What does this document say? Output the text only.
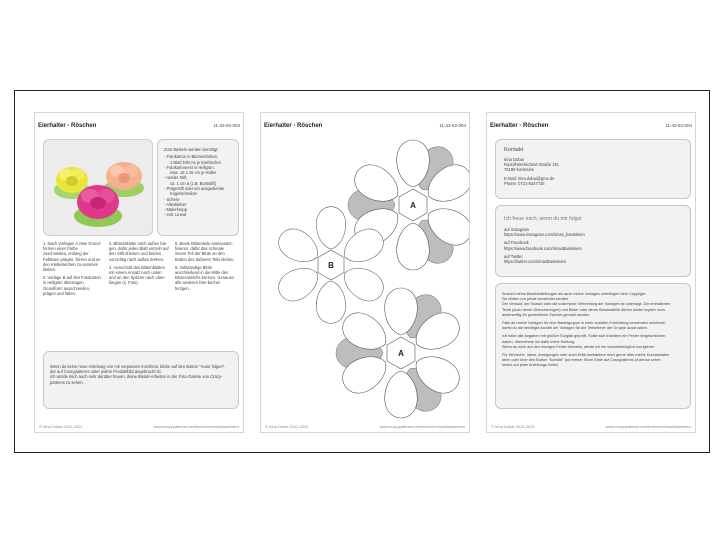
Eierhalter - Röschen	11-43-62-004
Zum Basteln werden benötigt:
- Fotokarton in Blumenfarben,
1 Blatt DIN A4 je Eierbecher
- Fotokartonrest in Hellgrün,
max. 15 x 15 cm je Halter
- runder Stift,
ca. 1 cm ø (z.B. Buntstift)
- Prägestift oder ein ausgedienter
Kugelschreiber
- Schere
- Alleskleber
- Malerkrepp
- evtl. Lineal

1. Nach Vorlagen A zwei Grund-formen einer Farbe zuschneiden, entlang der Faltlinien prägen, fal-ten und an den Klebelaschen zu-sammen kleben.

2. Vorlage B auf den Fotokarton in Hellgrün übertragen, Grundform ausschneiden, prägen und falten.

3. Blütenblätter nach außen bie-gen, dafür jedes Blatt einzeln auf den Stift drücken und beides vorsichtig nach außen drehen.

4. Ausschnitt des Blütenblattes mit einem Ansatz nach unten und an den Spitzen nach oben biegen (s. Foto).

5. Beide Blütenteile aneinander-fixieren, dafür das schmale innere Teil der Blüte an den Boden des äußeren Teils kleben.

6. Vollständige Blüte anschließend in die Mitte des Blumenkelchs kle-ben. Genauso alle weiteren Eier-becher fertigen.

Wenn du keine neue Anleitung von mir verpassen möchtest, klicke auf den Button "Autor folgen",
der auf Crazypatterns unter jedem Produktbild angebracht ist.
Ich würde mich auch sehr darüber freuen, deine Bastel-Arbeiten in der Foto-Galerie von Crazy-
patterns zu sehen.
© Irina Dobai 2012-2021	www.crazypatterns.net/de/store/IrinasBasteleien
Eierhalter - Röschen	11-43-62-004
A
B
A
© Irina Dobai 2012-2021	www.crazypatterns.net/de/store/IrinasBasteleien
Eierhalter - Röschen	11-43-62-004
Kontakt
Irina Dobai
Rudolf-Breitscheid-Straße 19c
76189 Karlsruhe
E-Mail: irina.dobai@gmx.de
Phone: 0721-9247735
Ich freue mich, wenn du mir folgst
auf Instagram
https://www.instagram.com/irinas_basteleien
auf Facebook
https://www.facebook.com/IrinasBasteleien
auf Twitter
https://twitter.com/IrinasBasteleien
Sowohl meine Bastelanleitungen als auch meine Vorlagen unterliegen dem Copyright.
Sie dürfen nur privat verwendet werden.
Der Verkauf, der Tausch oder die kostenlose Verbreitung der Vorlagen ist untersagt. Die enthaltenen
Texte (auch deren Übersetzungen) und Bilder oder deren Bestandteile dürfen weder kopiert noch
anderweitig für gewerbliche Zwecke genutzt werden.
Falls du meine Vorlagen für eine Bastelgruppe in einer sozialen Einrichtung verwenden möchtest,
darfst du die benötigte Anzahl der Vorlagen für die Teilnehmer der Gruppe ausdrucken.
Ich habe alle Angaben mit größter Sorgfalt geprüft. Sollte sich trotzdem ein Fehler eingeschlichen
haben, übernehme ich dafür keine Haftung.
Wenn du mich auf den einzigen Fehler hinweist, werde ich ihn schnellstmöglich korrigieren.
Für Wünsche, Ideen, Anregungen oder auch Kritik kontaktiere mich gerne über meine Kontaktdaten
oben oder über den Button "Kontakt" auf meiner Store-Seite auf Crazypatterns (Adresse unten
rechts auf jeder Anleitungs-Seite).
© Irina Dobai 2012-2021	www.crazypatterns.net/de/store/IrinasBasteleien
